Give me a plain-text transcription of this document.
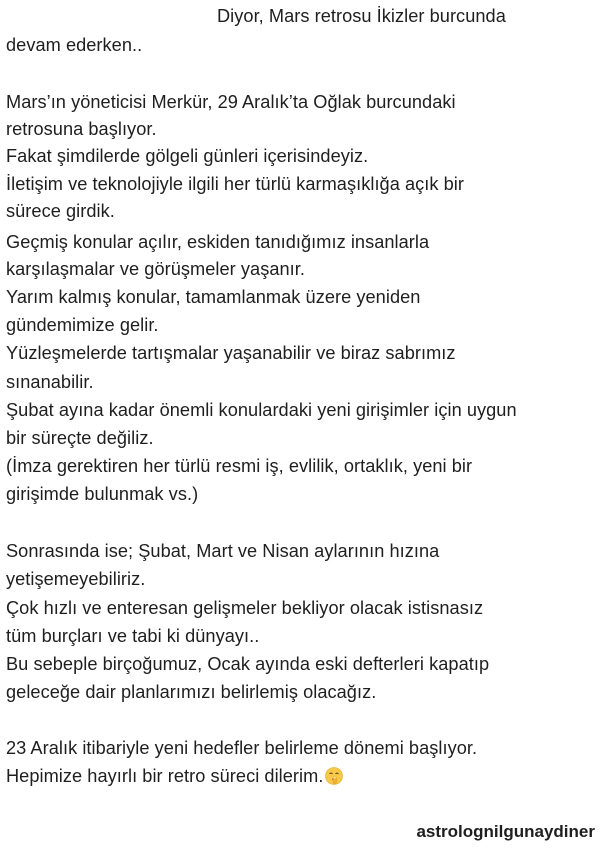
Diyor, Mars retrosu İkizler burcunda
devam ederken..
Mars’ın yöneticisi Merkür, 29 Aralık’ta Oğlak burcundaki
retrosuna başlıyor.
Fakat şimdilerde gölgeli günleri içerisindeyiz.
İletişim ve teknolojiyle ilgili her türlü karmaşıklığa açık bir
sürece girdik.
Geçmiş konular açılır, eskiden tanıdığımız insanlarla
karşılaşmalar ve görüşmeler yaşanır.
Yarım kalmış konular, tamamlanmak üzere yeniden
gündemimize gelir.
Yüzleşmelerde tartışmalar yaşanabilir ve biraz sabrımız
sınanabilir.
Şubat ayına kadar önemli konulardaki yeni girişimler için uygun
bir süreçte değiliz.
(İmza gerektiren her türlü resmi iş, evlilik, ortaklık, yeni bir
girişimde bulunmak vs.)
Sonrasında ise; Şubat, Mart ve Nisan aylarının hızına
yetişemeyebiliriz.
Çok hızlı ve enteresan gelişmeler bekliyor olacak istisnasız
tüm burçları ve tabi ki dünyayı..
Bu sebeple birçoğumuz, Ocak ayında eski defterleri kapatıp
geleceğe dair planlarımızı belirlemiş olacağız.
23 Aralık itibariyle yeni hedefler belirleme dönemi başlıyor.
Hepimize hayırlı bir retro süreci dilerim.
astrolognilgunaydiner
